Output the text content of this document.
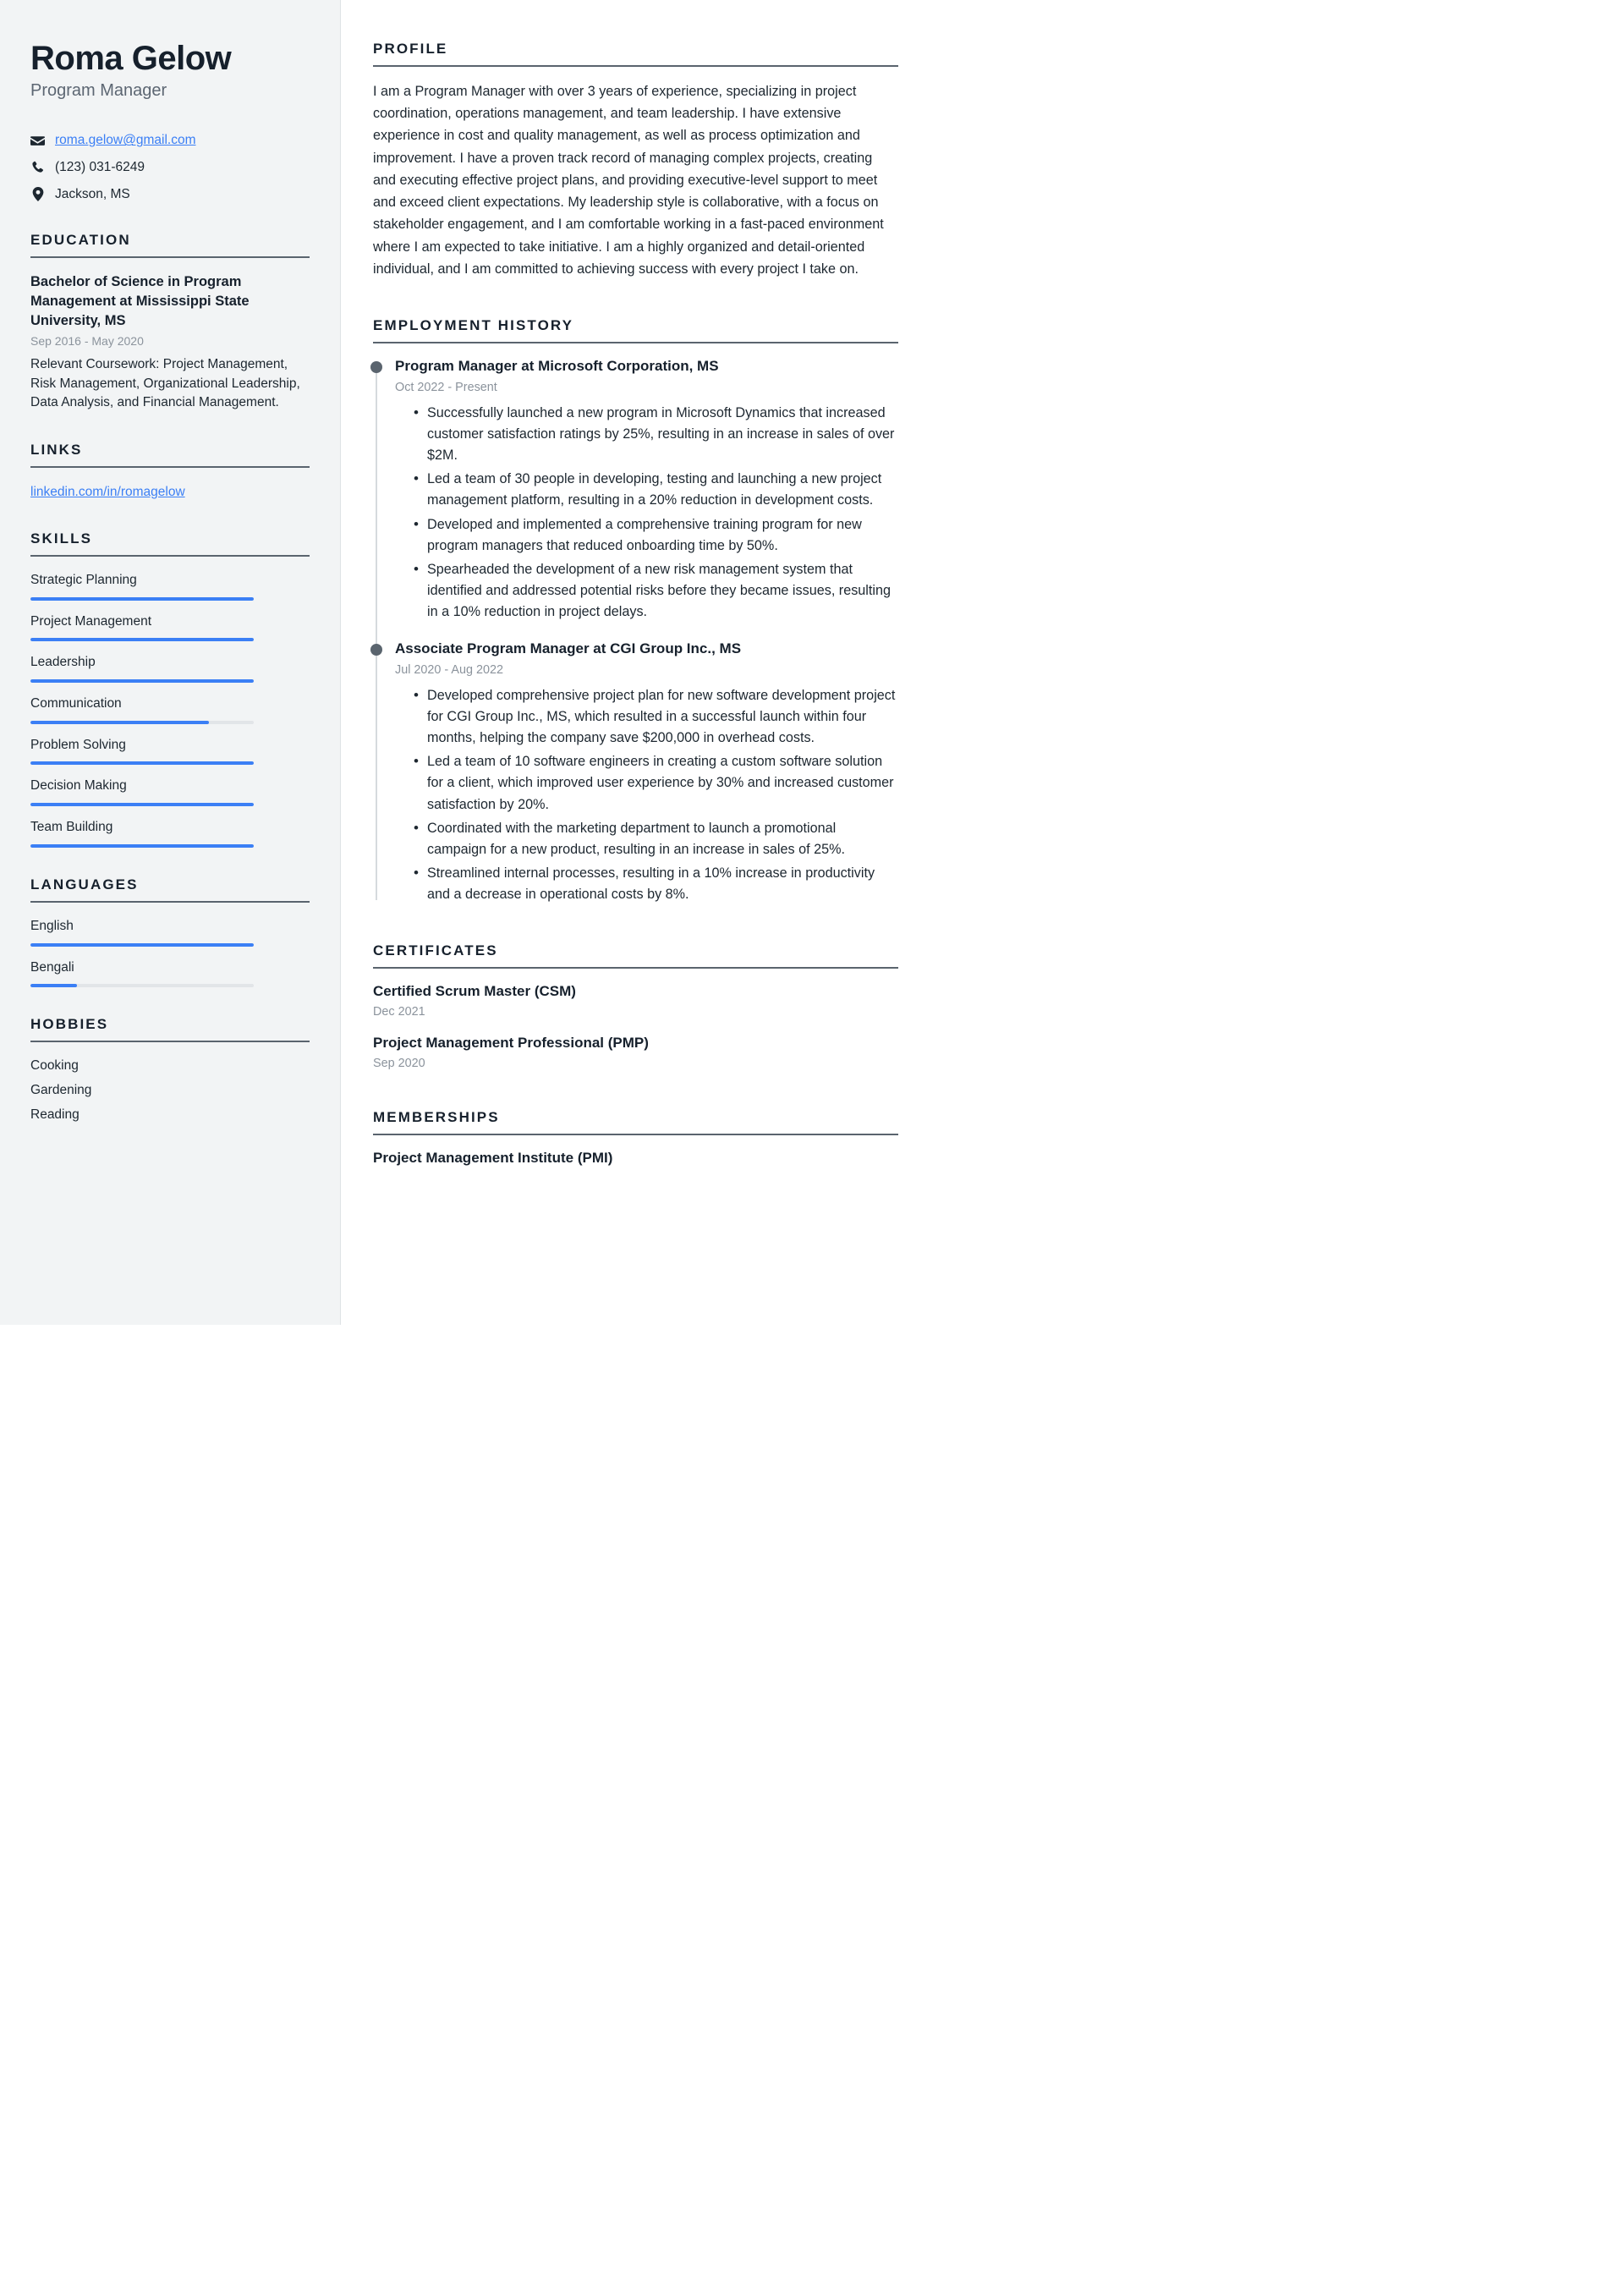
Roma Gelow
Program Manager
roma.gelow@gmail.com
(123) 031-6249
Jackson, MS
EDUCATION
Bachelor of Science in Program Management at Mississippi State University, MS
Sep 2016 - May 2020
Relevant Coursework: Project Management, Risk Management, Organizational Leadership, Data Analysis, and Financial Management.
LINKS
linkedin.com/in/romagelow
SKILLS
Strategic Planning
Project Management
Leadership
Communication
Problem Solving
Decision Making
Team Building
LANGUAGES
English
Bengali
HOBBIES
Cooking
Gardening
Reading
PROFILE

I am a Program Manager with over 3 years of experience, specializing in project coordination, operations management, and team leadership. I have extensive experience in cost and quality management, as well as process optimization and improvement. I have a proven track record of managing complex projects, creating and executing effective project plans, and providing executive-level support to meet and exceed client expectations. My leadership style is collaborative, with a focus on stakeholder engagement, and I am comfortable working in a fast-paced environment where I am expected to take initiative. I am a highly organized and detail-oriented individual, and I am committed to achieving success with every project I take on.

EMPLOYMENT HISTORY
Program Manager at Microsoft Corporation, MS
Oct 2022 - Present
• Successfully launched a new program in Microsoft Dynamics that increased customer satisfaction ratings by 25%, resulting in an increase in sales of over $2M.
• Led a team of 30 people in developing, testing and launching a new project management platform, resulting in a 20% reduction in development costs.
• Developed and implemented a comprehensive training program for new program managers that reduced onboarding time by 50%.
• Spearheaded the development of a new risk management system that identified and addressed potential risks before they became issues, resulting in a 10% reduction in project delays.
Associate Program Manager at CGI Group Inc., MS
Jul 2020 - Aug 2022
• Developed comprehensive project plan for new software development project for CGI Group Inc., MS, which resulted in a successful launch within four months, helping the company save $200,000 in overhead costs.
• Led a team of 10 software engineers in creating a custom software solution for a client, which improved user experience by 30% and increased customer satisfaction by 20%.
• Coordinated with the marketing department to launch a promotional campaign for a new product, resulting in an increase in sales of 25%.
• Streamlined internal processes, resulting in a 10% increase in productivity and a decrease in operational costs by 8%.
CERTIFICATES
Certified Scrum Master (CSM)
Dec 2021
Project Management Professional (PMP)
Sep 2020
MEMBERSHIPS
Project Management Institute (PMI)
